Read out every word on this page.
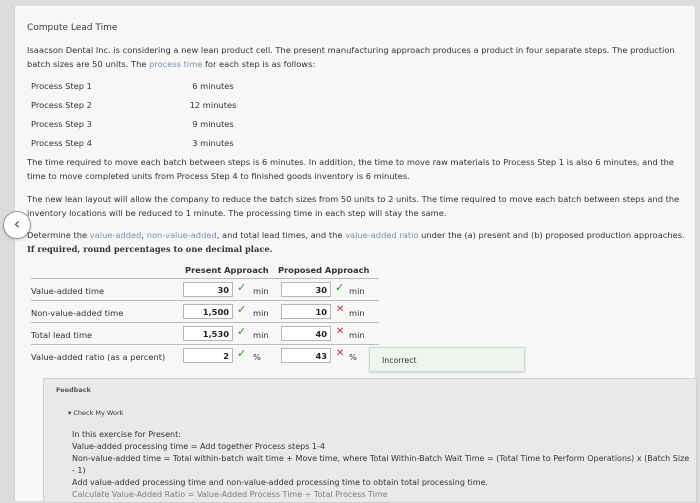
‹
Compute Lead Time
Isaacson Dental Inc. is considering a new lean product cell. The present manufacturing approach produces a product in four separate steps. The production batch sizes are 50 units. The process time for each step is as follows:
Process Step 1	6 minutes
Process Step 2	12 minutes
Process Step 3	9 minutes
Process Step 4	3 minutes
The time required to move each batch between steps is 6 minutes. In addition, the time to move raw materials to Process Step 1 is also 6 minutes, and the time to move completed units from Process Step 4 to finished goods inventory is 6 minutes.
The new lean layout will allow the company to reduce the batch sizes from 50 units to 2 units. The time required to move each batch between steps and the inventory locations will be reduced to 1 minute. The processing time in each step will stay the same.
Determine the value-added, non-value-added, and total lead times, and the value-added ratio under the (a) present and (b) proposed production approaches.
If required, round percentages to one decimal place.
Present Approach Proposed Approach
Value-added time	30 ✓ min	30 ✓ min
Non-value-added time	1,500 ✓ min	10 ✕ min
Total lead time	1,530 ✓ min	40 ✕ min
Value-added ratio (as a percent)	2 ✓ %	43 ✕ %	Incorrect
Feedback
▾ Check My Work
In this exercise for Present:
Value-added processing time = Add together Process steps 1-4
Non-value-added time = Total within-batch wait time + Move time, where Total Within-Batch Wait Time = (Total Time to Perform Operations) x (Batch Size - 1)
Add value-added processing time and non-value-added processing time to obtain total processing time.
Calculate Value-Added Ratio = Value-Added Process Time ÷ Total Process Time
